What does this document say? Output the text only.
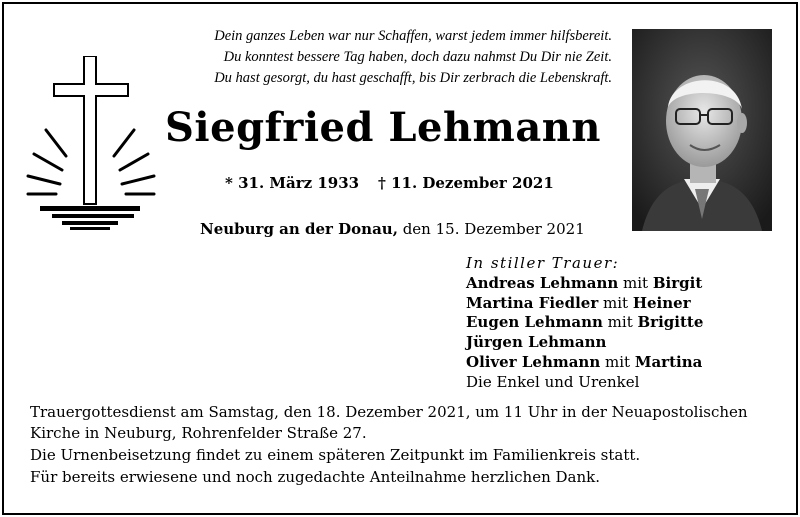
Dein ganzes Leben war nur Schaffen, warst jedem immer hilfsbereit.
Du konntest bessere Tag haben, doch dazu nahmst Du Dir nie Zeit.
Du hast gesorgt, du hast geschafft, bis Dir zerbrach die Lebenskraft.
Siegfried Lehmann
* 31. März 1933 † 11. Dezember 2021
Neuburg an der Donau, den 15. Dezember 2021
In stiller Trauer:
Andreas Lehmann mit Birgit
Martina Fiedler mit Heiner
Eugen Lehmann mit Brigitte
Jürgen Lehmann
Oliver Lehmann mit Martina
Die Enkel und Urenkel

Trauergottesdienst am Samstag, den 18. Dezember 2021, um 11 Uhr in der Neuapostolischen Kirche in Neuburg, Rohrenfelder Straße 27.

Die Urnenbeisetzung findet zu einem späteren Zeitpunkt im Familienkreis statt.

Für bereits erwiesene und noch zugedachte Anteilnahme herzlichen Dank.
